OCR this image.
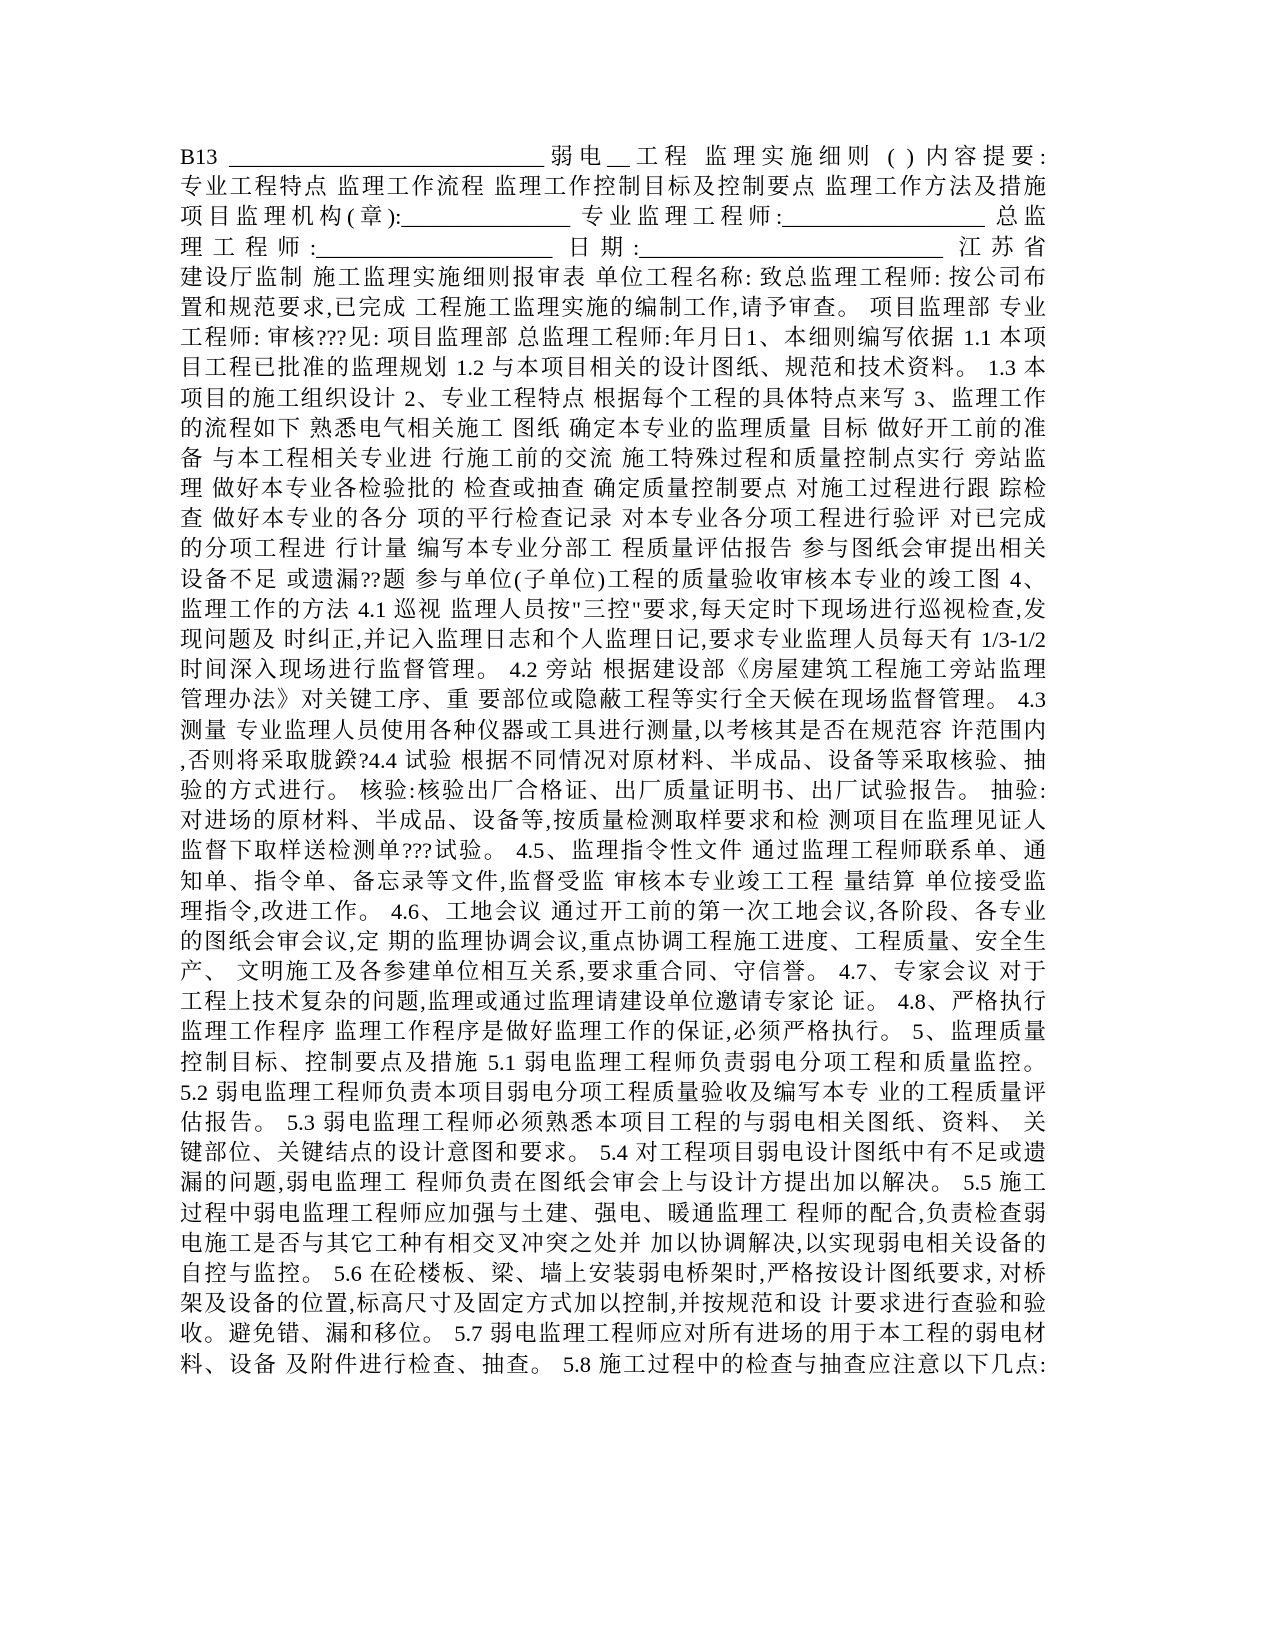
B13 ____________________________弱电__工程 监理实施细则 ( ) 内容提要:
专业工程特点 监理工作流程 监理工作控制目标及控制要点 监理工作方法及措施
项目监理机构(章):_______________ 专业监理工程师:__________________ 总监
理工程师:_____________________ 日期:___________________________ 江苏省
建设厅监制 施工监理实施细则报审表 单位工程名称: 致总监理工程师: 按公司布
置和规范要求,已完成 工程施工监理实施的编制工作,请予审查。 项目监理部 专业
工程师: 审核???见: 项目监理部 总监理工程师:年月日1、本细则编写依据 1.1 本项
目工程已批准的监理规划 1.2 与本项目相关的设计图纸、规范和技术资料。 1.3 本
项目的施工组织设计 2、专业工程特点 根据每个工程的具体特点来写 3、监理工作
的流程如下 熟悉电气相关施工 图纸 确定本专业的监理质量 目标 做好开工前的准
备 与本工程相关专业进 行施工前的交流 施工特殊过程和质量控制点实行 旁站监
理 做好本专业各检验批的 检查或抽查 确定质量控制要点 对施工过程进行跟 踪检
查 做好本专业的各分 项的平行检查记录 对本专业各分项工程进行验评 对已完成
的分项工程进 行计量 编写本专业分部工 程质量评估报告 参与图纸会审提出相关
设备不足 或遗漏??题 参与单位(子单位)工程的质量验收审核本专业的竣工图 4、
监理工作的方法 4.1 巡视 监理人员按"三控"要求,每天定时下现场进行巡视检查,发
现问题及 时纠正,并记入监理日志和个人监理日记,要求专业监理人员每天有 1/3-1/2
时间深入现场进行监督管理。 4.2 旁站 根据建设部《房屋建筑工程施工旁站监理
管理办法》对关键工序、重 要部位或隐蔽工程等实行全天候在现场监督管理。 4.3
测量 专业监理人员使用各种仪器或工具进行测量,以考核其是否在规范容 许范围内
,否则将采取胧鍨?4.4 试验 根据不同情况对原材料、半成品、设备等采取核验、抽
验的方式进行。 核验:核验出厂合格证、出厂质量证明书、出厂试验报告。 抽验:
对进场的原材料、半成品、设备等,按质量检测取样要求和检 测项目在监理见证人
监督下取样送检测单???试验。 4.5、监理指令性文件 通过监理工程师联系单、通
知单、指令单、备忘录等文件,监督受监 审核本专业竣工工程 量结算 单位接受监
理指令,改进工作。 4.6、工地会议 通过开工前的第一次工地会议,各阶段、各专业
的图纸会审会议,定 期的监理协调会议,重点协调工程施工进度、工程质量、安全生
产、 文明施工及各参建单位相互关系,要求重合同、守信誉。 4.7、专家会议 对于
工程上技术复杂的问题,监理或通过监理请建设单位邀请专家论 证。 4.8、严格执行
监理工作程序 监理工作程序是做好监理工作的保证,必须严格执行。 5、监理质量
控制目标、控制要点及措施 5.1 弱电监理工程师负责弱电分项工程和质量监控。
5.2 弱电监理工程师负责本项目弱电分项工程质量验收及编写本专 业的工程质量评
估报告。 5.3 弱电监理工程师必须熟悉本项目工程的与弱电相关图纸、资料、 关
键部位、关键结点的设计意图和要求。 5.4 对工程项目弱电设计图纸中有不足或遗
漏的问题,弱电监理工 程师负责在图纸会审会上与设计方提出加以解决。 5.5 施工
过程中弱电监理工程师应加强与土建、强电、暖通监理工 程师的配合,负责检查弱
电施工是否与其它工种有相交叉冲突之处并 加以协调解决,以实现弱电相关设备的
自控与监控。 5.6 在砼楼板、梁、墙上安装弱电桥架时,严格按设计图纸要求, 对桥
架及设备的位置,标高尺寸及固定方式加以控制,并按规范和设 计要求进行查验和验
收。避免错、漏和移位。 5.7 弱电监理工程师应对所有进场的用于本工程的弱电材
料、设备 及附件进行检查、抽查。 5.8 施工过程中的检查与抽查应注意以下几点:
